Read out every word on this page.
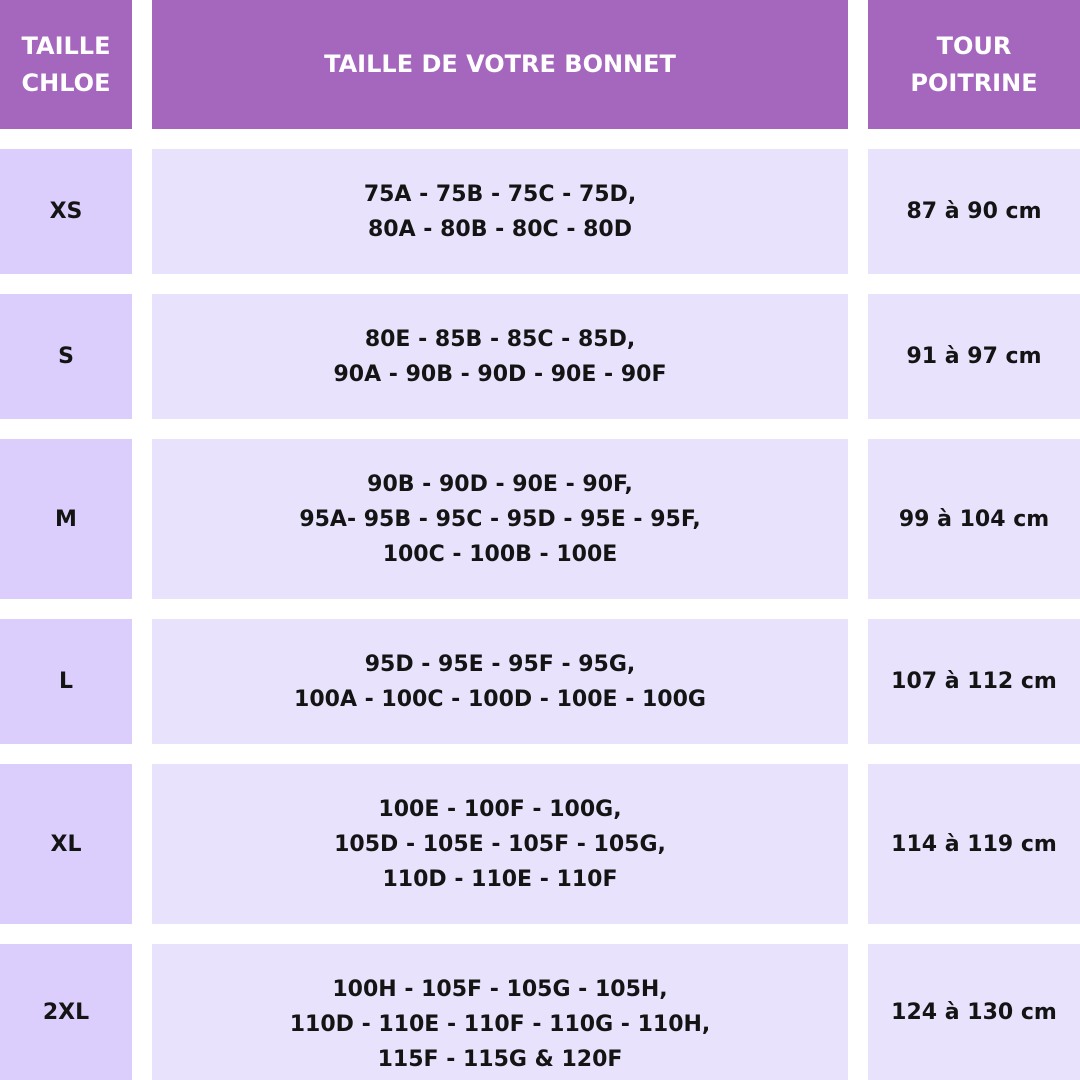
TAILLE
CHLOE
TAILLE DE VOTRE BONNET
TOUR
POITRINE
XS
75A - 75B - 75C - 75D,
80A - 80B - 80C - 80D
87 à 90 cm
S
80E - 85B - 85C - 85D,
90A - 90B - 90D - 90E - 90F
91 à 97 cm
M
90B - 90D - 90E - 90F,
95A- 95B - 95C - 95D - 95E - 95F,
100C - 100B - 100E
99 à 104 cm
L
95D - 95E - 95F - 95G,
100A - 100C - 100D - 100E - 100G
107 à 112 cm
XL
100E - 100F - 100G,
105D - 105E - 105F - 105G,
110D - 110E - 110F
114 à 119 cm
2XL
100H - 105F - 105G - 105H,
110D - 110E - 110F - 110G - 110H,
115F - 115G & 120F
124 à 130 cm
